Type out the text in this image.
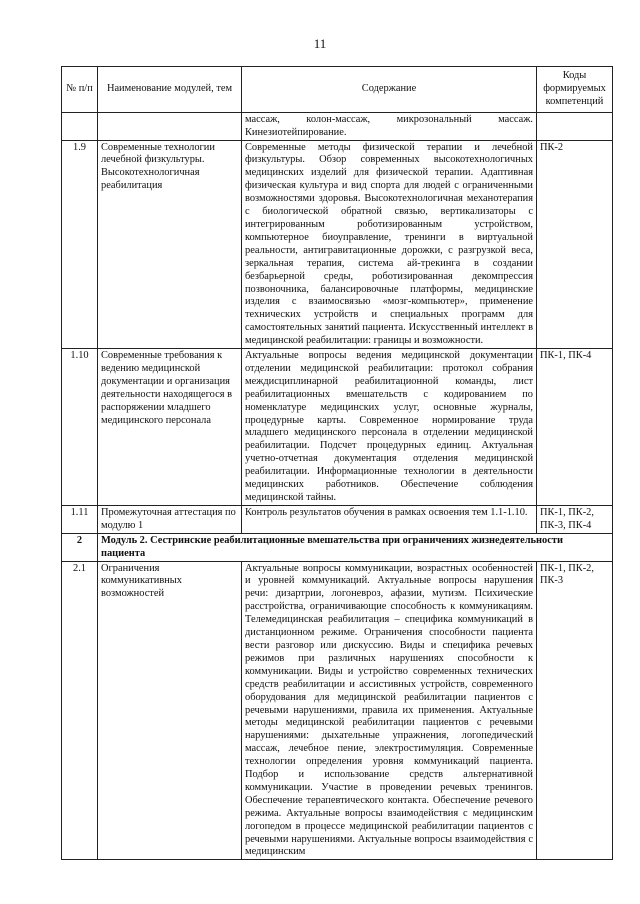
11
№ п/п	Наименование модулей, тем	Содержание	Коды формируемых компетенций
		массаж, колон-массаж, микрозональный массаж. Кинезиотейпирование.	
1.9	Современные технологии лечебной физкультуры. Высокотехнологичная реабилитация	Современные методы физической терапии и лечебной физкультуры. Обзор современных высокотехнологичных медицинских изделий для физической терапии. Адаптивная физическая культура и вид спорта для людей с ограниченными возможностями здоровья. Высокотехнологичная механотерапия с биологической обратной связью, вертикализаторы с интегрированным роботизированным устройством, компьютерное биоуправление, тренинги в виртуальной реальности, антигравитационные дорожки, с разгрузкой веса, зеркальная терапия, система ай-трекинга в создании безбарьерной среды, роботизированная декомпрессия позвоночника, балансировочные платформы, медицинские изделия с взаимосвязью «мозг-компьютер», применение технических устройств и специальных программ для самостоятельных занятий пациента. Искусственный интеллект в медицинской реабилитации: границы и возможности.	ПК-2
1.10	Современные требования к ведению медицинской документации и организация деятельности находящегося в распоряжении младшего медицинского персонала	Актуальные вопросы ведения медицинской документации отделении медицинской реабилитации: протокол собрания междисциплинарной реабилитационной команды, лист реабилитационных вмешательств с кодированием по номенклатуре медицинских услуг, основные журналы, процедурные карты. Современное нормирование труда младшего медицинского персонала в отделении медицинской реабилитации. Подсчет процедурных единиц. Актуальная учетно-отчетная документация отделения медицинской реабилитации. Информационные технологии в деятельности медицинских работников. Обеспечение соблюдения медицинской тайны.	ПК-1, ПК-4
1.11	Промежуточная аттестация по модулю 1	Контроль результатов обучения в рамках освоения тем 1.1-1.10.	ПК-1, ПК-2, ПК-3, ПК-4
2	Модуль 2. Сестринские реабилитационные вмешательства при ограничениях жизнедеятельности пациента		
2.1	Ограничения коммуникативных возможностей	Актуальные вопросы коммуникации, возрастных особенностей и уровней коммуникаций. Актуальные вопросы нарушения речи: дизартрии, логоневроз, афазии, мутизм. Психические расстройства, ограничивающие способность к коммуникациям. Телемедицинская реабилитация – специфика коммуникаций в дистанционном режиме. Ограничения способности пациента вести разговор или дискуссию. Виды и специфика речевых режимов при различных нарушениях способности к коммуникации. Виды и устройство современных технических средств реабилитации и ассистивных устройств, современного оборудования для медицинской реабилитации пациентов с речевыми нарушениями, правила их применения. Актуальные методы медицинской реабилитации пациентов с речевыми нарушениями: дыхательные упражнения, логопедический массаж, лечебное пение, электростимуляция. Современные технологии определения уровня коммуникаций пациента. Подбор и использование средств альтернативной коммуникации. Участие в проведении речевых тренингов. Обеспечение терапевтического контакта. Обеспечение речевого режима. Актуальные вопросы взаимодействия с медицинским логопедом в процессе медицинской реабилитации пациентов с речевыми нарушениями. Актуальные вопросы взаимодействия с медицинским	ПК-1, ПК-2, ПК-3
